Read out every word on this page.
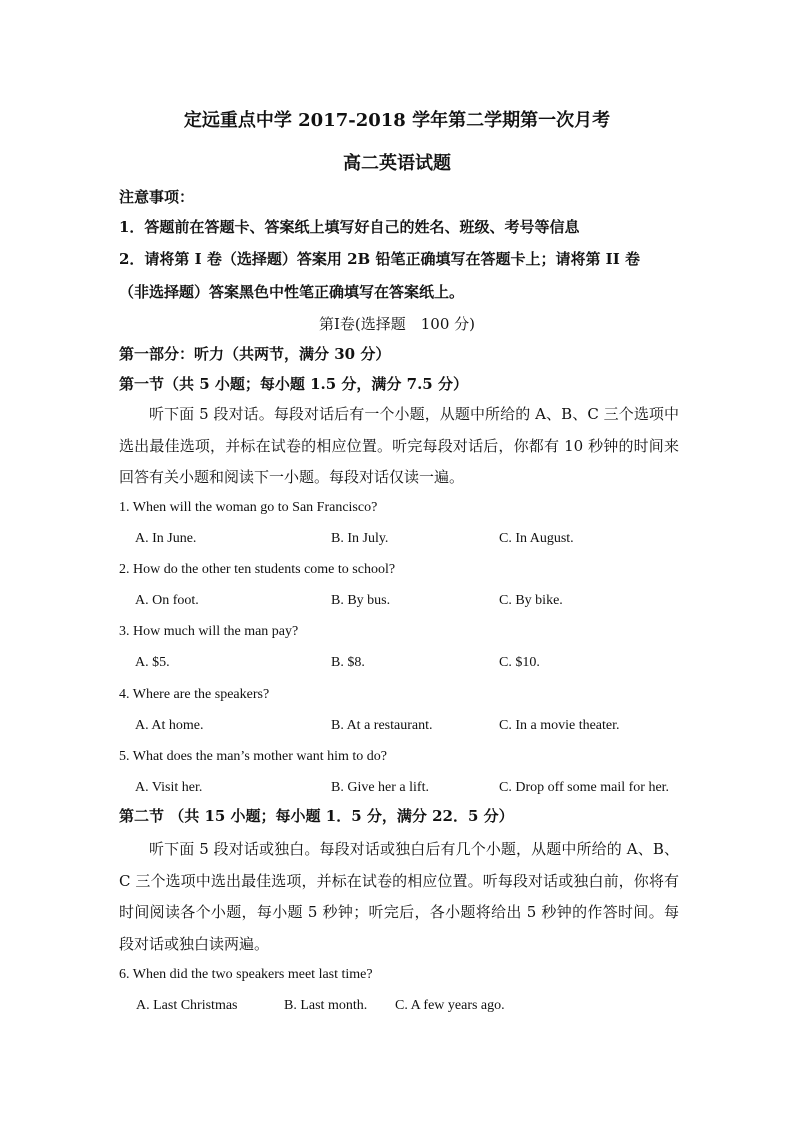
定远重点中学 2017-2018 学年第二学期第一次月考
高二英语试题
注意事项：
1．答题前在答题卡、答案纸上填写好自己的姓名、班级、考号等信息
2．请将第 I 卷（选择题）答案用 2B 铅笔正确填写在答题卡上；请将第 II 卷
（非选择题）答案黑色中性笔正确填写在答案纸上。
第Ⅰ卷(选择题　100 分)
第一部分：听力（共两节，满分 30 分）
第一节（共 5 小题；每小题 1.5 分，满分 7.5 分）
听下面 5 段对话。每段对话后有一个小题，从题中所给的 A、B、C 三个选项中选出最佳选项，并标在试卷的相应位置。听完每段对话后，你都有 10 秒钟的时间来回答有关小题和阅读下一小题。每段对话仅读一遍。
1. When will the woman go to San Francisco?
A. In June.	B. In July.	C. In August.
2. How do the other ten students come to school?
A. On foot.	B. By bus.	C. By bike.
3. How much will the man pay?
A. $5.	B. $8.	C. $10.
4. Where are the speakers?
A. At home.	B. At a restaurant.	C. In a movie theater.
5. What does the man’s mother want him to do?
A. Visit her.	B. Give her a lift.	C. Drop off some mail for her.
第二节 （共 15 小题；每小题 1．5 分，满分 22．5 分）
听下面 5 段对话或独白。每段对话或独白后有几个小题，从题中所给的 A、B、C 三个选项中选出最佳选项，并标在试卷的相应位置。听每段对话或独白前，你将有时间阅读各个小题，每小题 5 秒钟；听完后，各小题将给出 5 秒钟的作答时间。每段对话或独白读两遍。
6. When did the two speakers meet last time?
A. Last Christmas	B. Last month. C. A few years ago.
